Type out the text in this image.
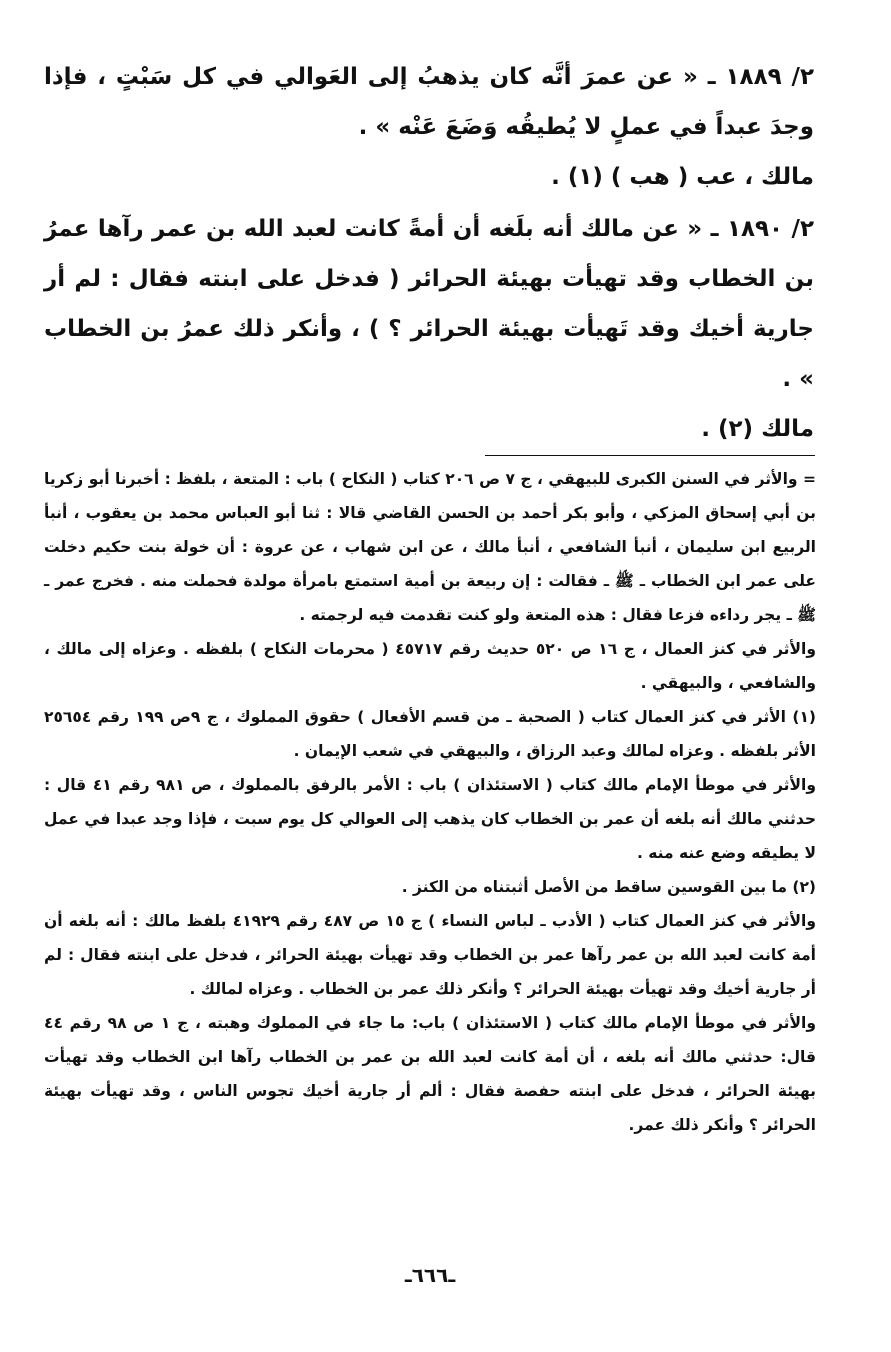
٢/ ١٨٨٩ ـ « عن عمرَ أنَّه كان يذهبُ إلى العَوالي في كل سَبْتٍ ، فإذا وجدَ عبداً في عملٍ لا يُطيقُه وَضَعَ عَنْه » .

مالك ، عب ( هب ) (١) .

٢/ ١٨٩٠ ـ « عن مالك أنه بلَغه أن أمةً كانت لعبد الله بن عمر رآها عمرُ بن الخطاب وقد تهيأت بهيئة الحرائر ( فدخل على ابنته فقال : لم أر جارية أخيك وقد تَهيأت بهيئة الحرائر ؟ ) ، وأنكر ذلك عمرُ بن الخطاب » .

مالك (٢) .

= والأثر في السنن الكبرى للبيهقي ، ج ٧ ص ٢٠٦ كتاب ( النكاح ) باب : المتعة ، بلفظ : أخبرنا أبو زكريا بن أبي إسحاق المزكي ، وأبو بكر أحمد بن الحسن القاضي قالا : ثنا أبو العباس محمد بن يعقوب ، أنبأ الربيع ابن سليمان ، أنبأ الشافعي ، أنبأ مالك ، عن ابن شهاب ، عن عروة : أن خولة بنت حكيم دخلت على عمر ابن الخطاب ـ ﷺ ـ فقالت : إن ربيعة بن أمية استمتع بامرأة مولدة فحملت منه . فخرج عمر ـ ﷺ ـ يجر رداءه فزعا فقال : هذه المتعة ولو كنت تقدمت فيه لرجمته .

والأثر في كنز العمال ، ج ١٦ ص ٥٢٠ حديث رقم ٤٥٧١٧ ( محرمات النكاح ) بلفظه . وعزاه إلى مالك ، والشافعي ، والبيهقي .

(١) الأثر في كنز العمال كتاب ( الصحبة ـ من قسم الأفعال ) حقوق المملوك ، ج ٩ص ١٩٩ رقم ٢٥٦٥٤ الأثر بلفظه . وعزاه لمالك وعبد الرزاق ، والبيهقي في شعب الإيمان .

والأثر في موطأ الإمام مالك كتاب ( الاستئذان ) باب : الأمر بالرفق بالمملوك ، ص ٩٨١ رقم ٤١ قال : حدثني مالك أنه بلغه أن عمر بن الخطاب كان يذهب إلى العوالي كل يوم سبت ، فإذا وجد عبدا في عمل لا يطيقه وضع عنه منه .

(٢) ما بين القوسين ساقط من الأصل أثبتناه من الكنز .

والأثر في كنز العمال كتاب ( الأدب ـ لباس النساء ) ج ١٥ ص ٤٨٧ رقم ٤١٩٢٩ بلفظ مالك : أنه بلغه أن أمة كانت لعبد الله بن عمر رآها عمر بن الخطاب وقد تهيأت بهيئة الحرائر ، فدخل على ابنته فقال : لم أر جارية أخيك وقد تهيأت بهيئة الحرائر ؟ وأنكر ذلك عمر بن الخطاب . وعزاه لمالك .

والأثر في موطأ الإمام مالك كتاب ( الاستئذان ) باب: ما جاء في المملوك وهبته ، ج ١ ص ٩٨ رقم ٤٤ قال: حدثني مالك أنه بلغه ، أن أمة كانت لعبد الله بن عمر بن الخطاب رآها ابن الخطاب وقد تهيأت بهيئة الحرائر ، فدخل على ابنته حفصة فقال : ألم أر جارية أخيك تجوس الناس ، وقد تهيأت بهيئة الحرائر ؟ وأنكر ذلك عمر.

ـ٦٦٦ـ
